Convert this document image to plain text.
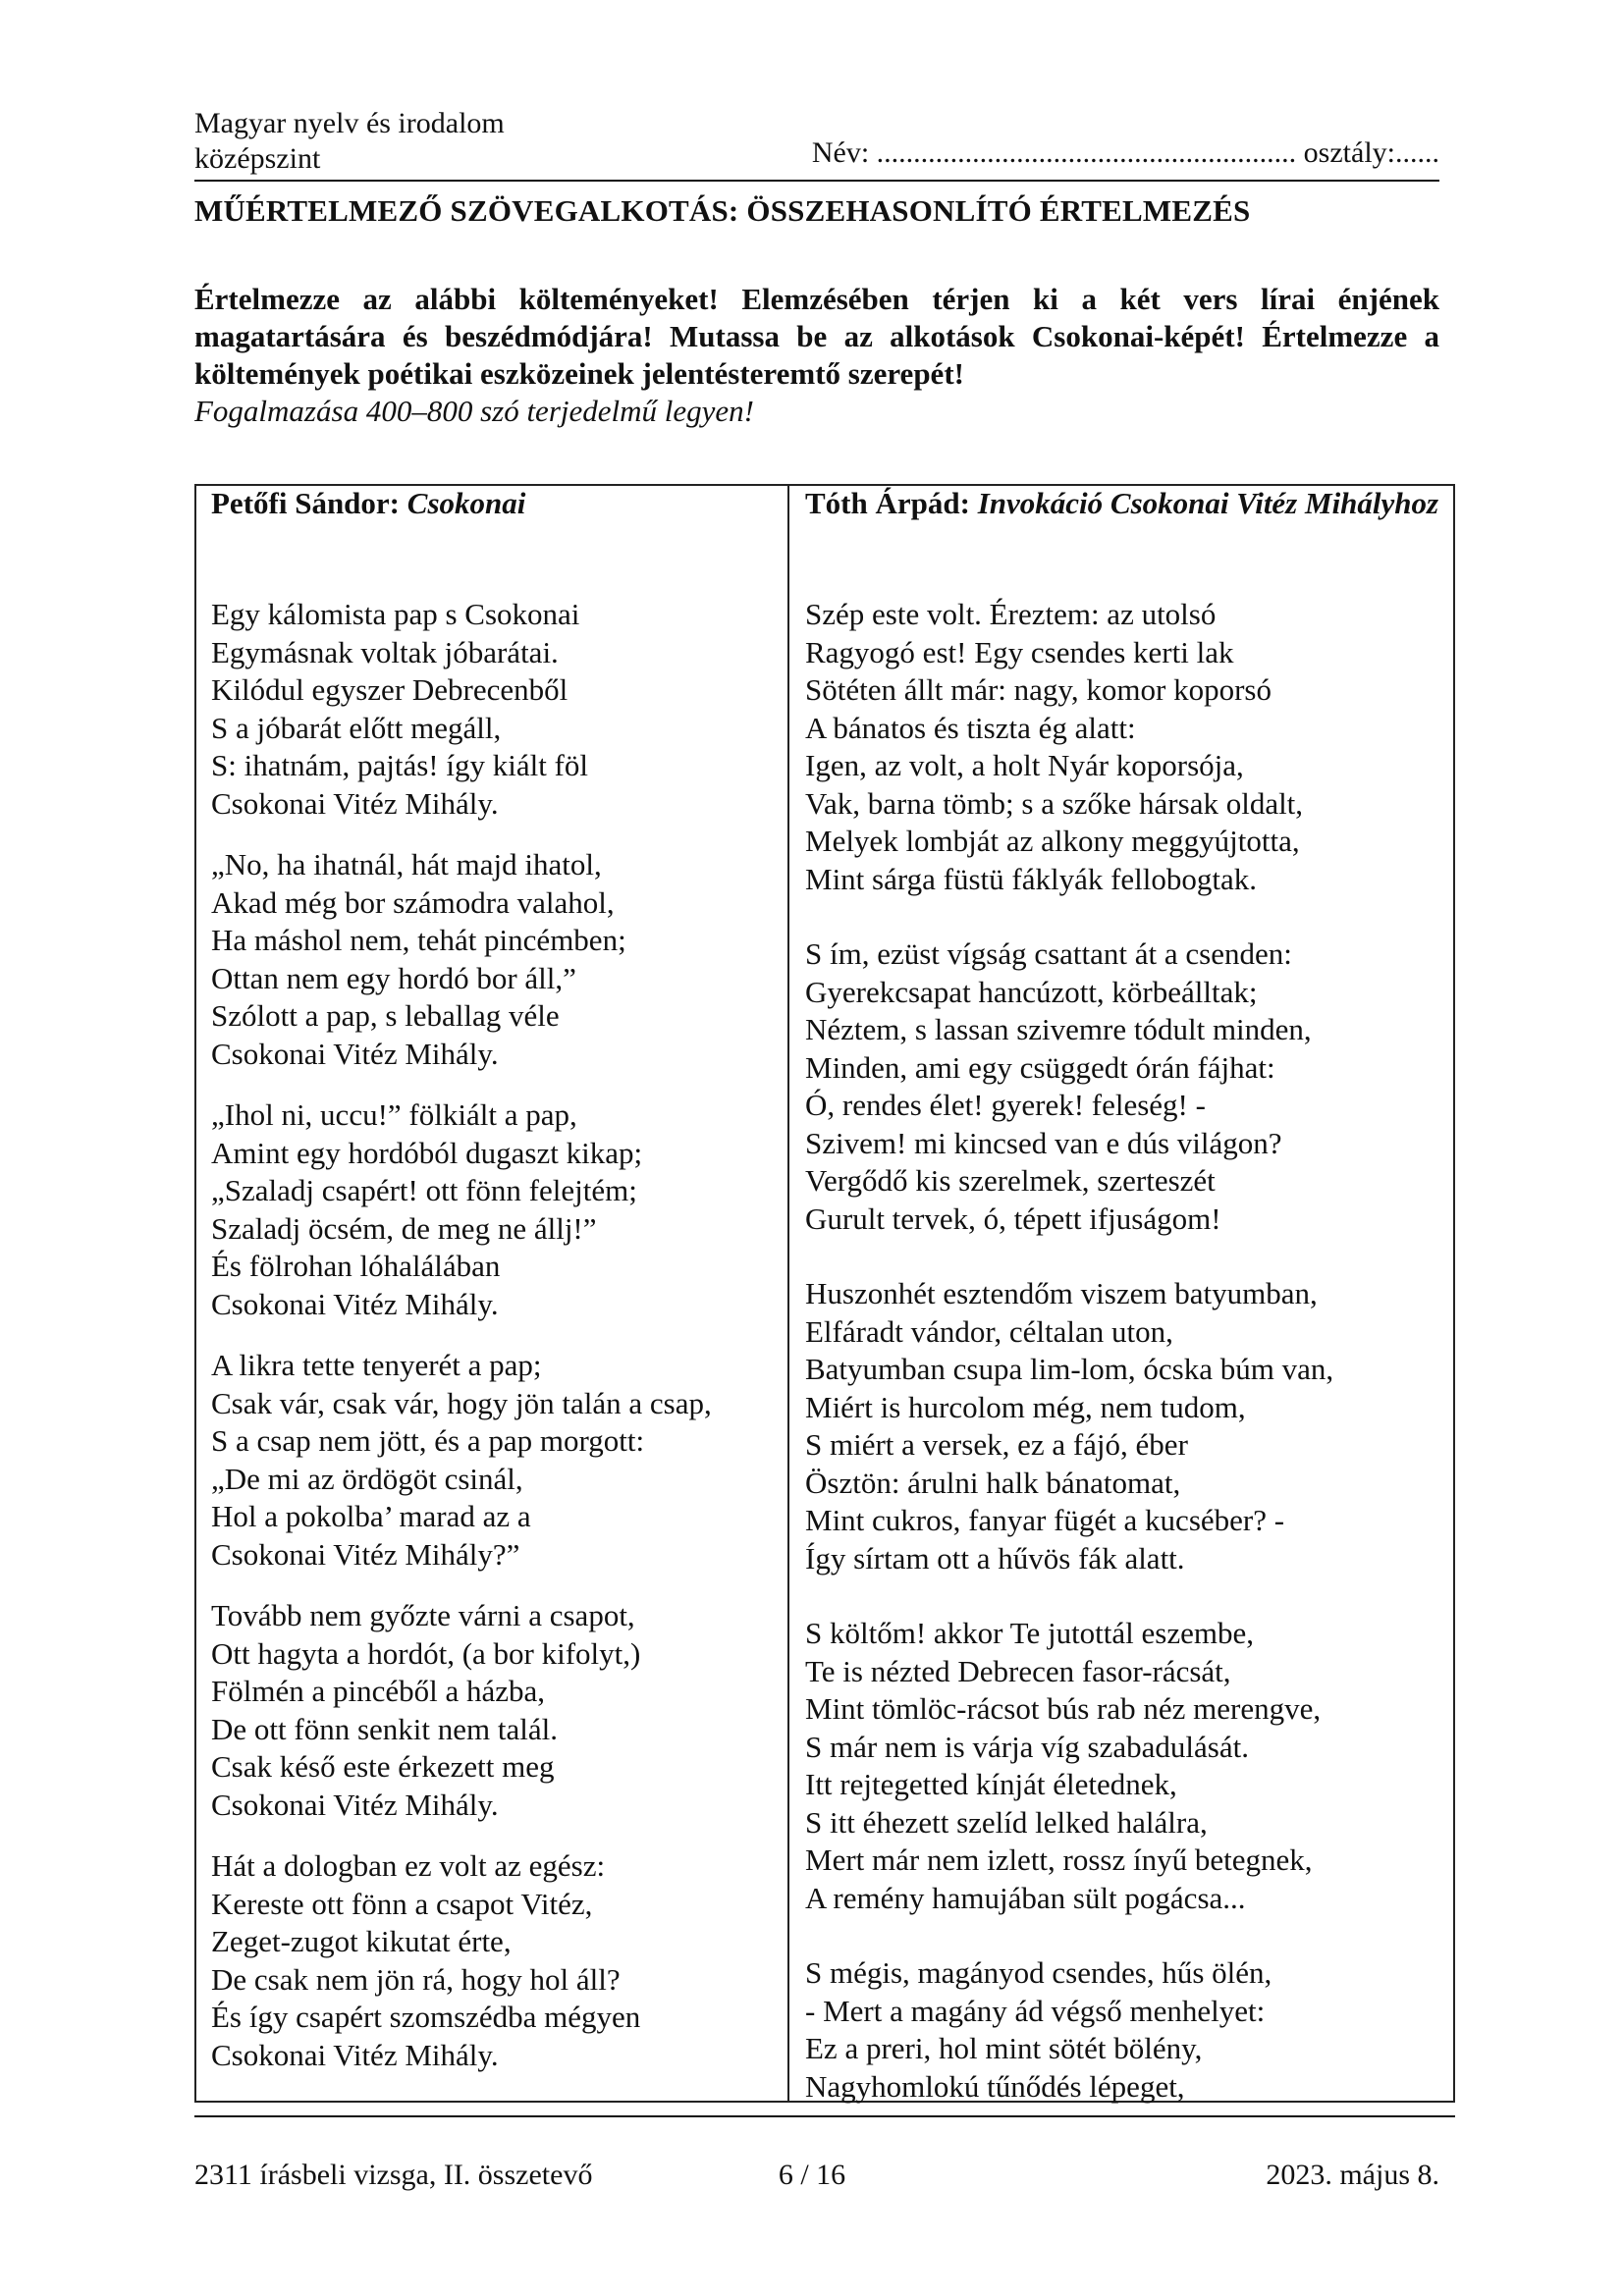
Magyar nyelv és irodalom
középszint	Név: ......................................................... osztály:......
MŰÉRTELMEZŐ SZÖVEGALKOTÁS: ÖSSZEHASONLÍTÓ ÉRTELMEZÉS
Értelmezze az alábbi költeményeket! Elemzésében térjen ki a két vers lírai énjének magatartására és beszédmódjára! Mutassa be az alkotások Csokonai-képét! Értelmezze a költemények poétikai eszközeinek jelentésteremtő szerepét!
Fogalmazása 400–800 szó terjedelmű legyen!
Petőfi Sándor: Csokonai
Egy kálomista pap s Csokonai
Egymásnak voltak jóbarátai.
Kilódul egyszer Debrecenből
S a jóbarát előtt megáll,
S: ihatnám, pajtás! így kiált föl
Csokonai Vitéz Mihály.
„No, ha ihatnál, hát majd ihatol,
Akad még bor számodra valahol,
Ha máshol nem, tehát pincémben;
Ottan nem egy hordó bor áll,”
Szólott a pap, s leballag véle
Csokonai Vitéz Mihály.
„Ihol ni, uccu!” fölkiált a pap,
Amint egy hordóból dugaszt kikap;
„Szaladj csapért! ott fönn felejtém;
Szaladj öcsém, de meg ne állj!”
És fölrohan lóhalálában
Csokonai Vitéz Mihály.
A likra tette tenyerét a pap;
Csak vár, csak vár, hogy jön talán a csap,
S a csap nem jött, és a pap morgott:
„De mi az ördögöt csinál,
Hol a pokolba’ marad az a
Csokonai Vitéz Mihály?”
Tovább nem győzte várni a csapot,
Ott hagyta a hordót, (a bor kifolyt,)
Fölmén a pincéből a házba,
De ott fönn senkit nem talál.
Csak késő este érkezett meg
Csokonai Vitéz Mihály.
Hát a dologban ez volt az egész:
Kereste ott fönn a csapot Vitéz,
Zeget-zugot kikutat érte,
De csak nem jön rá, hogy hol áll?
És így csapért szomszédba mégyen
Csokonai Vitéz Mihály.
Tóth Árpád: Invokáció Csokonai Vitéz Mihályhoz
Szép este volt. Éreztem: az utolsó
Ragyogó est! Egy csendes kerti lak
Sötéten állt már: nagy, komor koporsó
A bánatos és tiszta ég alatt:
Igen, az volt, a holt Nyár koporsója,
Vak, barna tömb; s a szőke hársak oldalt,
Melyek lombját az alkony meggyújtotta,
Mint sárga füstü fáklyák fellobogtak.
S ím, ezüst vígság csattant át a csenden:
Gyerekcsapat hancúzott, körbeálltak;
Néztem, s lassan szivemre tódult minden,
Minden, ami egy csüggedt órán fájhat:
Ó, rendes élet! gyerek! feleség! -
Szivem! mi kincsed van e dús világon?
Vergődő kis szerelmek, szerteszét
Gurult tervek, ó, tépett ifjuságom!
Huszonhét esztendőm viszem batyumban,
Elfáradt vándor, céltalan uton,
Batyumban csupa lim-lom, ócska búm van,
Miért is hurcolom még, nem tudom,
S miért a versek, ez a fájó, éber
Ösztön: árulni halk bánatomat,
Mint cukros, fanyar fügét a kucséber? -
Így sírtam ott a hűvös fák alatt.
S költőm! akkor Te jutottál eszembe,
Te is nézted Debrecen fasor-rácsát,
Mint tömlöc-rácsot bús rab néz merengve,
S már nem is várja víg szabadulását.
Itt rejtegetted kínját életednek,
S itt éhezett szelíd lelked halálra,
Mert már nem izlett, rossz ínyű betegnek,
A remény hamujában sült pogácsa...
S mégis, magányod csendes, hűs ölén,
- Mert a magány ád végső menhelyet:
Ez a preri, hol mint sötét bölény,
Nagyhomlokú tűnődés lépeget,
2311 írásbeli vizsga, II. összetevő	6 / 16	2023. május 8.
